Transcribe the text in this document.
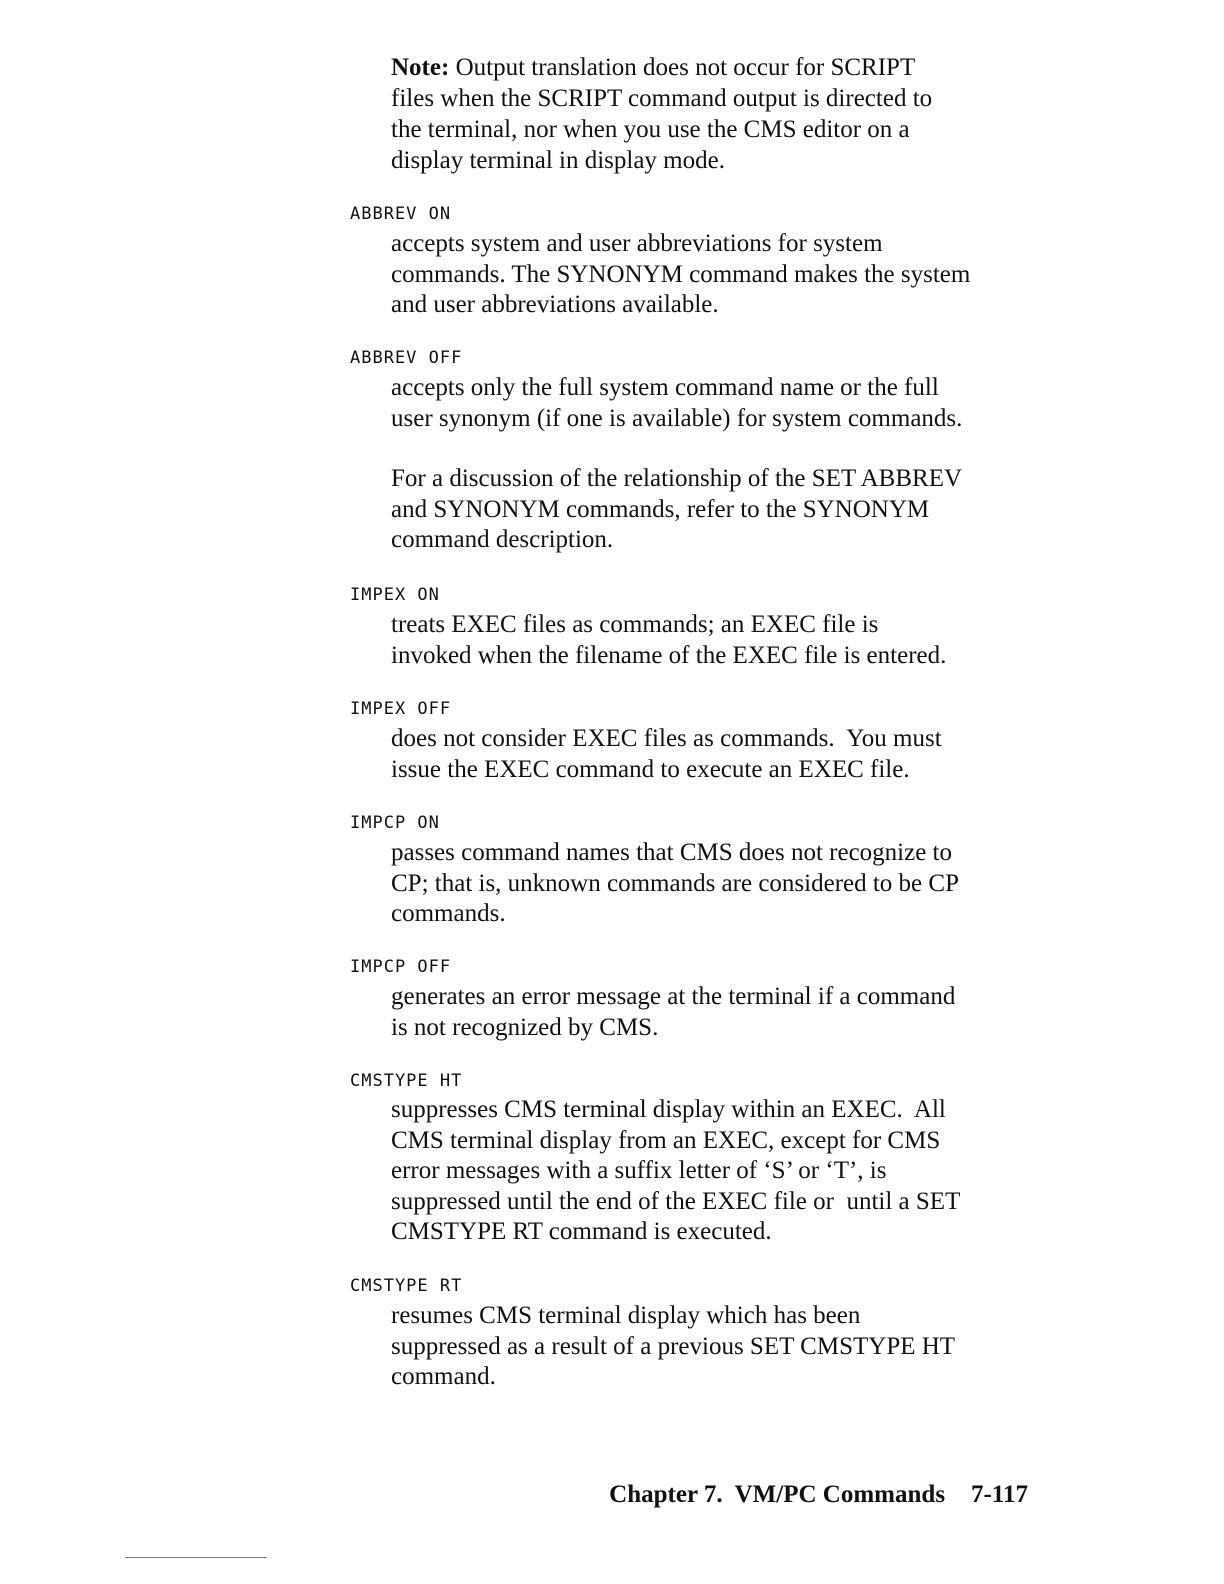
Note: Output translation does not occur for SCRIPT
files when the SCRIPT command output is directed to
the terminal, nor when you use the CMS editor on a
display terminal in display mode.
ABBREV ON

accepts system and user abbreviations for system
commands. The SYNONYM command makes the system
and user abbreviations available.

ABBREV OFF

accepts only the full system command name or the full
user synonym (if one is available) for system commands.

For a discussion of the relationship of the SET ABBREV
and SYNONYM commands, refer to the SYNONYM
command description.

IMPEX ON

treats EXEC files as commands; an EXEC file is
invoked when the filename of the EXEC file is entered.

IMPEX OFF

does not consider EXEC files as commands.  You must
issue the EXEC command to execute an EXEC file.

IMPCP ON

passes command names that CMS does not recognize to
CP; that is, unknown commands are considered to be CP
commands.

IMPCP OFF

generates an error message at the terminal if a command
is not recognized by CMS.

CMSTYPE HT

suppresses CMS terminal display within an EXEC.  All
CMS terminal display from an EXEC, except for CMS
error messages with a suffix letter of ‘S’ or ‘T’, is
suppressed until the end of the EXEC file or  until a SET
CMSTYPE RT command is executed.

CMSTYPE RT

resumes CMS terminal display which has been
suppressed as a result of a previous SET CMSTYPE HT
command.

Chapter 7.  VM/PC Commands 7-117
